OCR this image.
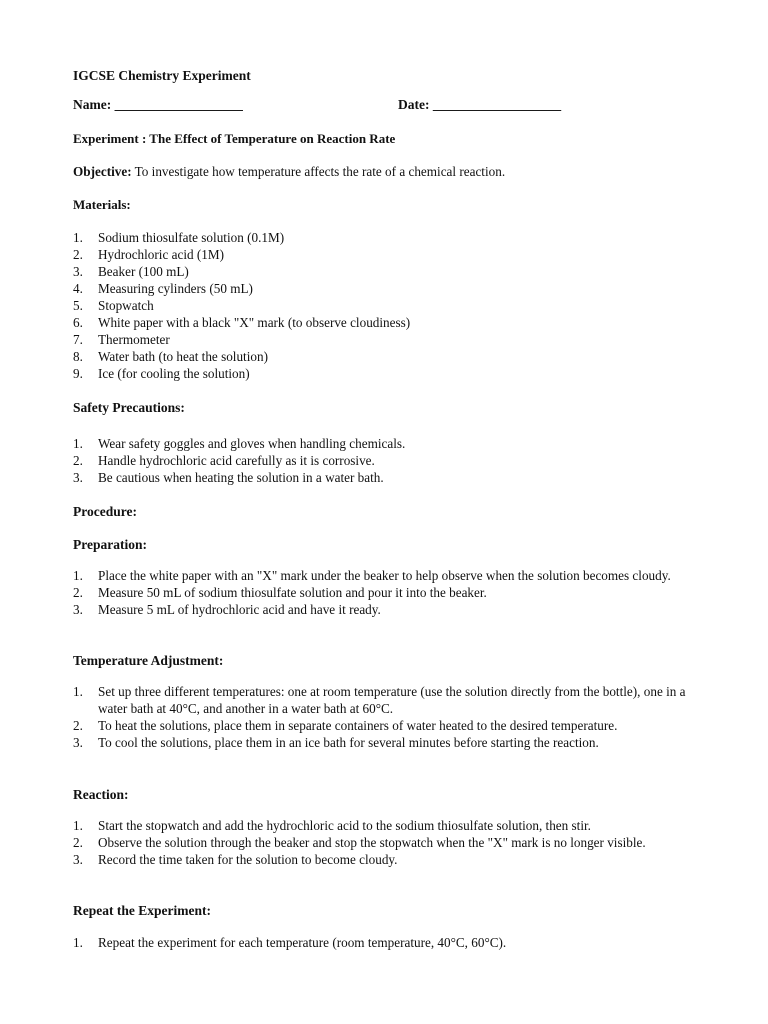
IGCSE Chemistry Experiment
Name: ___________________	Date: ___________________
Experiment : The Effect of Temperature on Reaction Rate
Objective: To investigate how temperature affects the rate of a chemical reaction.
Materials:
1. Sodium thiosulfate solution (0.1M)
2. Hydrochloric acid (1M)
3. Beaker (100 mL)
4. Measuring cylinders (50 mL)
5. Stopwatch
6. White paper with a black "X" mark (to observe cloudiness)
7. Thermometer
8. Water bath (to heat the solution)
9. Ice (for cooling the solution)
Safety Precautions:
1. Wear safety goggles and gloves when handling chemicals.
2. Handle hydrochloric acid carefully as it is corrosive.
3. Be cautious when heating the solution in a water bath.
Procedure:
Preparation:
1. Place the white paper with an "X" mark under the beaker to help observe when the solution becomes cloudy.
2. Measure 50 mL of sodium thiosulfate solution and pour it into the beaker.
3. Measure 5 mL of hydrochloric acid and have it ready.
Temperature Adjustment:
1. Set up three different temperatures: one at room temperature (use the solution directly from the bottle), one in a water bath at 40°C, and another in a water bath at 60°C.
2. To heat the solutions, place them in separate containers of water heated to the desired temperature.
3. To cool the solutions, place them in an ice bath for several minutes before starting the reaction.
Reaction:
1. Start the stopwatch and add the hydrochloric acid to the sodium thiosulfate solution, then stir.
2. Observe the solution through the beaker and stop the stopwatch when the "X" mark is no longer visible.
3. Record the time taken for the solution to become cloudy.
Repeat the Experiment:
1. Repeat the experiment for each temperature (room temperature, 40°C, 60°C).
